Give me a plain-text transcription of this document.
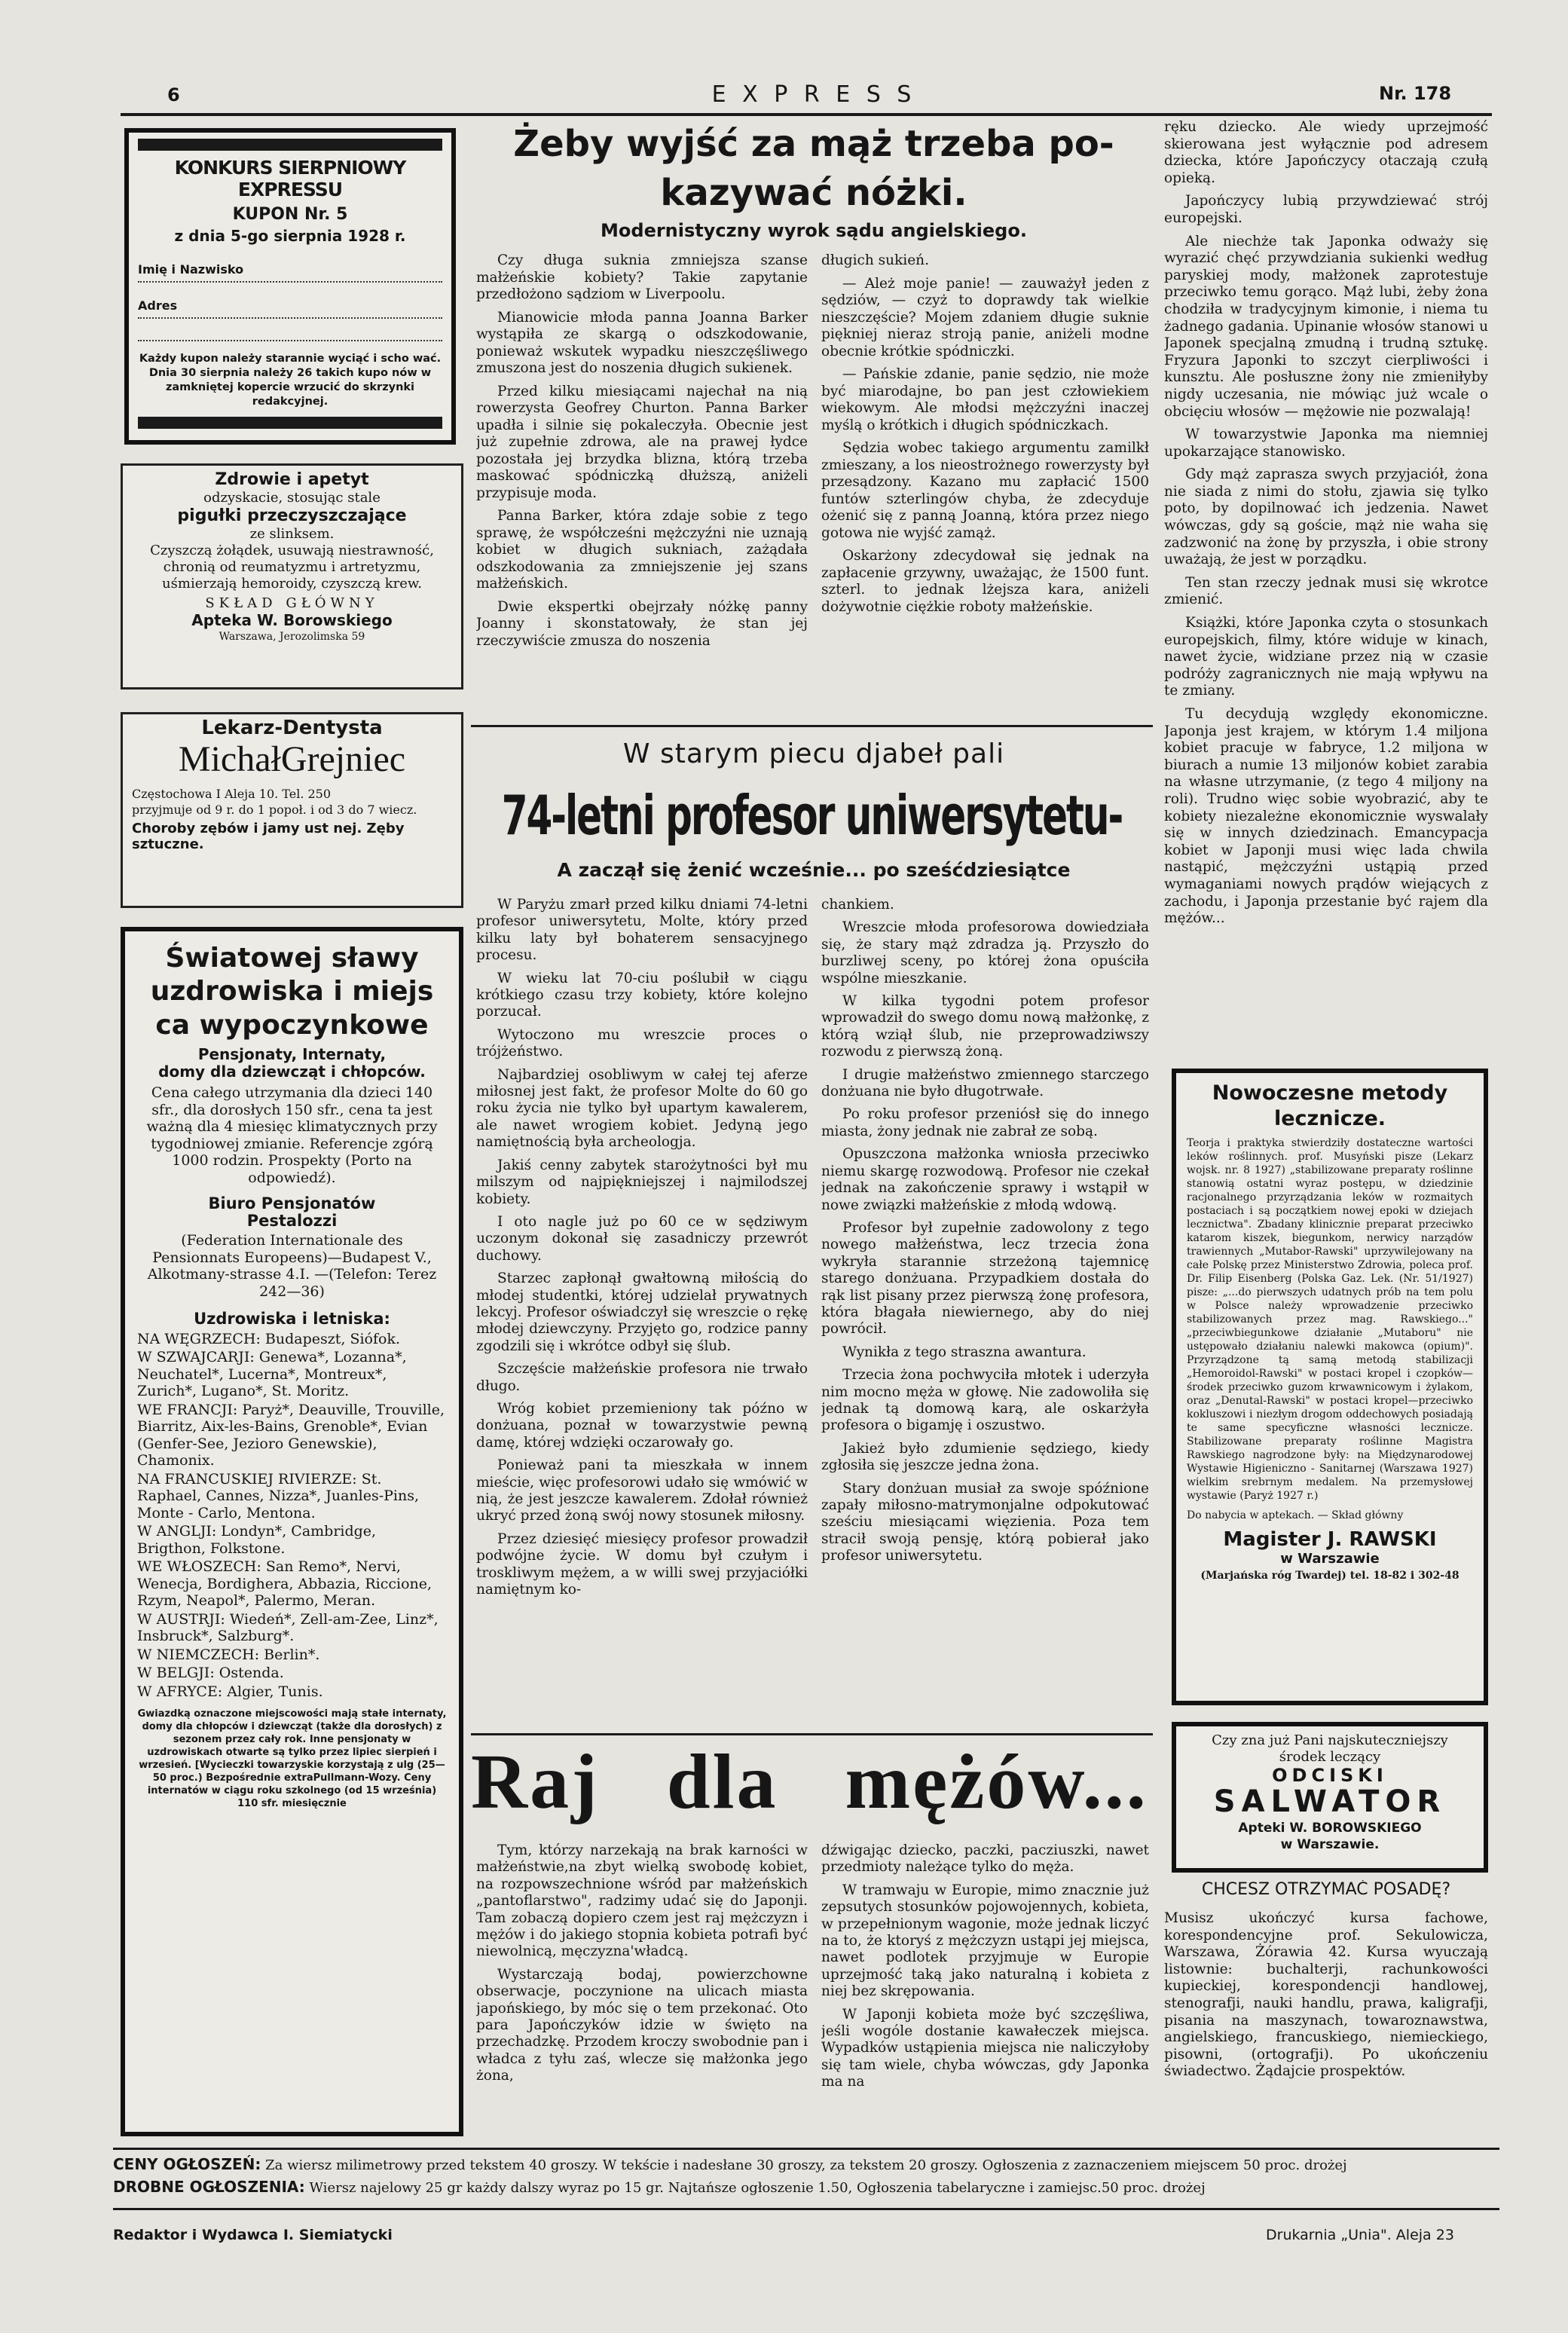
6	E X P R E S S	Nr. 178
KONKURS SIERPNIOWY EXPRESSU
KUPON Nr. 5
z dnia 5-go sierpnia 1928 r.
Imię i Nazwisko
Adres
Każdy kupon należy starannie wyciąć i scho wać. Dnia 30 sierpnia należy 26 takich kupo nów w zamkniętej kopercie wrzucić do skrzynki redakcyjnej.
Zdrowie i apetyt
odzyskacie, stosując stale
pigułki przeczyszczające
ze slinksem.
Czyszczą żołądek, usuwają niestrawność, chronią od reumatyzmu i artretyzmu, uśmierzają hemoroidy, czyszczą krew.
SKŁAD GŁÓWNY
Apteka W. Borowskiego
Warszawa, Jerozolimska 59
Lekarz-Dentysta
MichałGrejniec
Częstochowa I Aleja 10. Tel. 250
przyjmuje od 9 r. do 1 popoł. i od 3 do 7 wiecz.
Choroby zębów i jamy ust nej. Zęby sztuczne.
Światowej sławy
uzdrowiska i miejs
ca wypoczynkowe
Pensjonaty, Internaty,
domy dla dziewcząt i chłopców.
Cena całego utrzymania dla dzieci 140 sfr., dla dorosłych 150 sfr., cena ta jest ważną dla 4 miesięc klimatycznych przy tygodniowej zmianie. Referencje zgórą 1000 rodzin. Prospekty (Porto na odpowiedź).
Biuro Pensjonatów
Pestalozzi
(Federation Internationale des Pensionnats Europeens)—Budapest V., Alkotmany-strasse 4.I. —(Telefon: Terez 242—36)
Uzdrowiska i letniska:
NA WĘGRZECH: Budapeszt, Siófok.
W SZWAJCARJI: Genewa*, Lozanna*, Neuchatel*, Lucerna*, Montreux*, Zurich*, Lugano*, St. Moritz.
WE FRANCJI: Paryż*, Deauville, Trouville, Biarritz, Aix-les-Bains, Grenoble*, Evian (Genfer-See, Jezioro Genewskie), Chamonix.
NA FRANCUSKIEJ RIVIERZE: St. Raphael, Cannes, Nizza*, Juanles-Pins, Monte - Carlo, Mentona.
W ANGLJI: Londyn*, Cambridge, Brigthon, Folkstone.
WE WŁOSZECH: San Remo*, Nervi, Wenecja, Bordighera, Abbazia, Riccione, Rzym, Neapol*, Palermo, Meran.
W AUSTRJI: Wiedeń*, Zell-am-Zee, Linz*, Insbruck*, Salzburg*.
W NIEMCZECH: Berlin*.
W BELGJI: Ostenda.
W AFRYCE: Algier, Tunis.
Gwiazdką oznaczone miejscowości mają stałe internaty, domy dla chłopców i dziewcząt (także dla dorosłych) z sezonem przez cały rok. Inne pensjonaty w uzdrowiskach otwarte są tylko przez lipiec sierpień i wrzesień. [Wycieczki towarzyskie korzystają z ulg (25—50 proc.) Bezpośrednie extraPullmann-Wozy. Ceny internatów w ciągu roku szkolnego (od 15 września) 110 sfr. miesięcznie
Żeby wyjść za mąż trzeba po-
kazywać nóżki.
Modernistyczny wyrok sądu angielskiego.

Czy długa suknia zmniejsza szanse małżeńskie kobiety? Takie zapytanie przedłożono sądziom w Liverpoolu.

Mianowicie młoda panna Joanna Barker wystąpiła ze skargą o odszkodowanie, ponieważ wskutek wypadku nieszczęśliwego zmuszona jest do noszenia długich sukienek.

Przed kilku miesiącami najechał na nią rowerzysta Geofrey Churton. Panna Barker upadła i silnie się pokaleczyła. Obecnie jest już zupełnie zdrowa, ale na prawej łydce pozostała jej brzydka blizna, którą trzeba maskować spódniczką dłuższą, aniżeli przypisuje moda.

Panna Barker, która zdaje sobie z tego sprawę, że współcześni mężczyźni nie uznają kobiet w długich sukniach, zażądała odszkodowania za zmniejszenie jej szans małżeńskich.

Dwie ekspertki obejrzały nóżkę panny Joanny i skonstatowały, że stan jej rzeczywiście zmusza do noszenia

długich sukień.

— Ależ moje panie! — zauważył jeden z sędziów, — czyż to doprawdy tak wielkie nieszczęście? Mojem zdaniem długie suknie piękniej nieraz stroją panie, aniżeli modne obecnie krótkie spódniczki.

— Pańskie zdanie, panie sędzio, nie może być miarodajne, bo pan jest człowiekiem wiekowym. Ale młodsi mężczyźni inaczej myślą o krótkich i długich spódniczkach.

Sędzia wobec takiego argumentu zamilkł zmieszany, a los nieostrożnego rowerzysty był przesądzony. Kazano mu zapłacić 1500 funtów szterlingów chyba, że zdecyduje ożenić się z panną Joanną, która przez niego gotowa nie wyjść zamąż.

Oskarżony zdecydował się jednak na zapłacenie grzywny, uważając, że 1500 funt. szterl. to jednak lżejsza kara, aniżeli dożywotnie ciężkie roboty małżeńskie.

ręku dziecko. Ale wiedy uprzejmość skierowana jest wyłącznie pod adresem dziecka, które Japończycy otaczają czułą opieką.

Japończycy lubią przywdziewać strój europejski.

Ale niechże tak Japonka odważy się wyrazić chęć przywdziania sukienki według paryskiej mody, małżonek zaprotestuje przeciwko temu gorąco. Mąż lubi, żeby żona chodziła w tradycyjnym kimonie, i niema tu żadnego gadania. Upinanie włosów stanowi u Japonek specjalną zmudną i trudną sztukę. Fryzura Japonki to szczyt cierpliwości i kunsztu. Ale posłuszne żony nie zmieniłyby nigdy uczesania, nie mówiąc już wcale o obcięciu włosów — mężowie nie pozwalają!

W towarzystwie Japonka ma niemniej upokarzające stanowisko.

Gdy mąż zaprasza swych przyjaciół, żona nie siada z nimi do stołu, zjawia się tylko poto, by dopilnować ich jedzenia. Nawet wówczas, gdy są goście, mąż nie waha się zadzwonić na żonę by przyszła, i obie strony uważają, że jest w porządku.

Ten stan rzeczy jednak musi się wkrotce zmienić.

Książki, które Japonka czyta o stosunkach europejskich, filmy, które widuje w kinach, nawet życie, widziane przez nią w czasie podróży zagranicznych nie mają wpływu na te zmiany.

Tu decydują względy ekonomiczne. Japonja jest krajem, w którym 1.4 miljona kobiet pracuje w fabryce, 1.2 miljona w biurach a numie 13 miljonów kobiet zarabia na własne utrzymanie, (z tego 4 miljony na roli). Trudno więc sobie wyobrazić, aby te kobiety niezależne ekonomicznie wyswalały się w innych dziedzinach. Emancypacja kobiet w Japonji musi więc lada chwila nastąpić, mężczyźni ustąpią przed wymaganiami nowych prądów wiejących z zachodu, i Japonja przestanie być rajem dla mężów...

W starym piecu djabeł pali
74-letni profesor uniwersytetu-
A zaczął się żenić wcześnie... po sześćdziesiątce

W Paryżu zmarł przed kilku dniami 74-letni profesor uniwersytetu, Molte, który przed kilku laty był bohaterem sensacyjnego procesu.

W wieku lat 70-ciu poślubił w ciągu krótkiego czasu trzy kobiety, które kolejno porzucał.

Wytoczono mu wreszcie proces o trójżeństwo.

Najbardziej osobliwym w całej tej aferze miłosnej jest fakt, że profesor Molte do 60 go roku życia nie tylko był upartym kawalerem, ale nawet wrogiem kobiet. Jedyną jego namiętnością była archeologja.

Jakiś cenny zabytek starożytności był mu milszym od najpiękniejszej i najmilodszej kobiety.

I oto nagle już po 60 ce w sędziwym uczonym dokonał się zasadniczy przewrót duchowy.

Starzec zapłonął gwałtowną miłością do młodej studentki, której udzielał prywatnych lekcyj. Profesor oświadczył się wreszcie o rękę młodej dziewczyny. Przyjęto go, rodzice panny zgodzili się i wkrótce odbył się ślub.

Szczęście małżeńskie profesora nie trwało długo.

Wróg kobiet przemieniony tak późno w donżuana, poznał w towarzystwie pewną damę, której wdzięki oczarowały go.

Ponieważ pani ta mieszkała w innem mieście, więc profesorowi udało się wmówić w nią, że jest jeszcze kawalerem. Zdołał również ukryć przed żoną swój nowy stosunek miłosny.

Przez dziesięć miesięcy profesor prowadził podwójne życie. W domu był czułym i troskliwym mężem, a w willi swej przyjaciółki namiętnym ko-

chankiem.

Wreszcie młoda profesorowa dowiedziała się, że stary mąż zdradza ją. Przyszło do burzliwej sceny, po której żona opuściła wspólne mieszkanie.

W kilka tygodni potem profesor wprowadził do swego domu nową małżonkę, z którą wziął ślub, nie przeprowadziwszy rozwodu z pierwszą żoną.

I drugie małżeństwo zmiennego starczego donżuana nie było długotrwałe.

Po roku profesor przeniósł się do innego miasta, żony jednak nie zabrał ze sobą.

Opuszczona małżonka wniosła przeciwko niemu skargę rozwodową. Profesor nie czekał jednak na zakończenie sprawy i wstąpił w nowe związki małżeńskie z młodą wdową.

Profesor był zupełnie zadowolony z tego nowego małżeństwa, lecz trzecia żona wykryła starannie strzeżoną tajemnicę starego donżuana. Przypadkiem dostała do rąk list pisany przez pierwszą żonę profesora, która błagała niewiernego, aby do niej powrócił.

Wynikła z tego straszna awantura.

Trzecia żona pochwyciła młotek i uderzyła nim mocno męża w głowę. Nie zadowoliła się jednak tą domową karą, ale oskarżyła profesora o bigamję i oszustwo.

Jakież było zdumienie sędziego, kiedy zgłosiła się jeszcze jedna żona.

Stary donżuan musiał za swoje spóźnione zapały miłosno-matrymonjalne odpokutować sześciu miesiącami więzienia. Poza tem stracił swoją pensję, którą pobierał jako profesor uniwersytetu.

Nowoczesne metody
lecznicze.
Teorja i praktyka stwierdziły dostateczne wartości leków roślinnych. prof. Musyński pisze (Lekarz wojsk. nr. 8 1927) „stabilizowane preparaty roślinne stanowią ostatni wyraz postępu, w dziedzinie racjonalnego przyrządzania leków w rozmaitych postaciach i są początkiem nowej epoki w dziejach lecznictwa". Zbadany klinicznie preparat przeciwko katarom kiszek, biegunkom, nerwicy narządów trawiennych „Mutabor-Rawski" uprzywilejowany na całe Polskę przez Ministerstwo Zdrowia, poleca prof. Dr. Filip Eisenberg (Polska Gaz. Lek. (Nr. 51/1927) pisze: „...do pierwszych udatnych prób na tem polu w Polsce należy wprowadzenie przeciwko stabilizowanych przez mag. Rawskiego..." „przeciwbiegunkowe działanie „Mutaboru" nie ustępowało działaniu nalewki makowca (opium)". Przyrządzone tą samą metodą stabilizacji „Hemoroidol-Rawski" w postaci kropel i czopków—środek przeciwko guzom krwawnicowym i żylakom, oraz „Denutal-Rawski" w postaci kropel—przeciwko kokluszowi i niezłym drogom oddechowych posiadają te same specyficzne własności lecznicze. Stabilizowane preparaty roślinne Magistra Rawskiego nagrodzone były: na Międzynarodowej Wystawie Higieniczno - Sanitarnej (Warszawa 1927) wielkim srebrnym medalem. Na przemysłowej wystawie (Paryż 1927 r.)
Do nabycia w aptekach. — Skład główny
Magister J. RAWSKI
w Warszawie
(Marjańska róg Twardej) tel. 18-82 i 302-48
Czy zna już Pani najskuteczniejszy środek leczący
ODCISKI
SALWATOR
Apteki W. BOROWSKIEGO
w Warszawie.
CHCESZ OTRZYMAĆ POSADĘ?
Musisz ukończyć kursa fachowe, korespondencyjne prof. Sekulowicza, Warszawa, Żórawia 42. Kursa wyuczają listownie: buchalterji, rachunkowości kupieckiej, korespondencji handlowej, stenografji, nauki handlu, prawa, kaligrafji, pisania na maszynach, towaroznawstwa, angielskiego, francuskiego, niemieckiego, pisowni, (ortografji). Po ukończeniu świadectwo. Żądajcie prospektów.
Raj dla mężów...

Tym, którzy narzekają na brak karności w małżeństwie,na zbyt wielką swobodę kobiet, na rozpowszechnione wśród par małżeńskich „pantoflarstwo", radzimy udać się do Japonji. Tam zobaczą dopiero czem jest raj mężczyzn i mężów i do jakiego stopnia kobieta potrafi być niewolnicą, męczyzna'władcą.

Wystarczają bodaj, powierzchowne obserwacje, poczynione na ulicach miasta japońskiego, by móc się o tem przekonać. Oto para Japończyków idzie w święto na przechadzkę. Przodem kroczy swobodnie pan i władca z tyłu zaś, wlecze się małżonka jego żona,

dźwigając dziecko, paczki, pacziuszki, nawet przedmioty należące tylko do męża.

W tramwaju w Europie, mimo znacznie już zepsutych stosunków pojowojennych, kobieta, w przepełnionym wagonie, może jednak liczyć na to, że ktoryś z mężczyzn ustąpi jej miejsca, nawet podlotek przyjmuje w Europie uprzejmość taką jako naturalną i kobieta z niej bez skrępowania.

W Japonji kobieta może być szczęśliwa, jeśli wogóle dostanie kawałeczek miejsca. Wypadków ustąpienia miejsca nie naliczyłoby się tam wiele, chyba wówczas, gdy Japonka ma na

CENY OGŁOSZEŃ: Za wiersz milimetrowy przed tekstem 40 groszy. W tekście i nadesłane 30 groszy, za tekstem 20 groszy. Ogłoszenia z zaznaczeniem miejscem 50 proc. drożej
DROBNE OGŁOSZENIA: Wiersz najelowy 25 gr każdy dalszy wyraz po 15 gr. Najtańsze ogłoszenie 1.50, Ogłoszenia tabelaryczne i zamiejsc.50 proc. drożej
Redaktor i Wydawca I. Siemiatycki	Drukarnia „Unia". Aleja 23
